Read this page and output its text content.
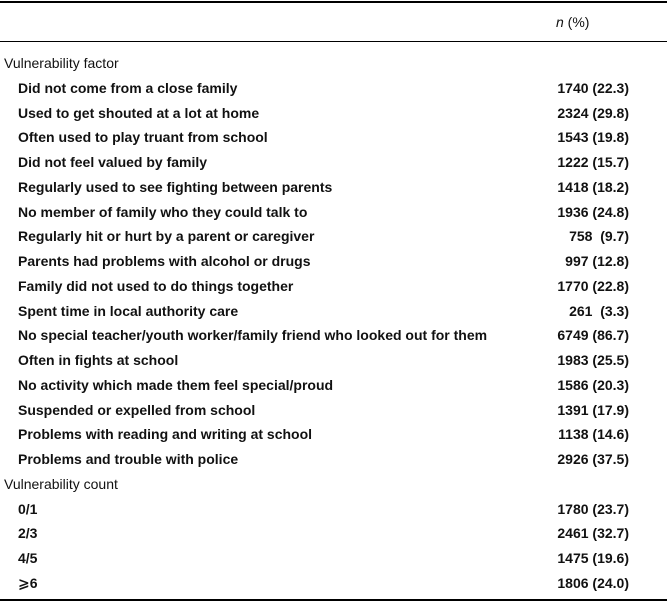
n (%)
Vulnerability factor
Did not come from a close family	1740 (22.3)
Used to get shouted at a lot at home	2324 (29.8)
Often used to play truant from school	1543 (19.8)
Did not feel valued by family	1222 (15.7)
Regularly used to see fighting between parents	1418 (18.2)
No member of family who they could talk to	1936 (24.8)
Regularly hit or hurt by a parent or caregiver	758  (9.7)
Parents had problems with alcohol or drugs	997 (12.8)
Family did not used to do things together	1770 (22.8)
Spent time in local authority care	261  (3.3)
No special teacher/youth worker/family friend who looked out for them	6749 (86.7)
Often in fights at school	1983 (25.5)
No activity which made them feel special/proud	1586 (20.3)
Suspended or expelled from school	1391 (17.9)
Problems with reading and writing at school	1138 (14.6)
Problems and trouble with police	2926 (37.5)
Vulnerability count
0/1	1780 (23.7)
2/3	2461 (32.7)
4/5	1475 (19.6)
⩾6	1806 (24.0)
